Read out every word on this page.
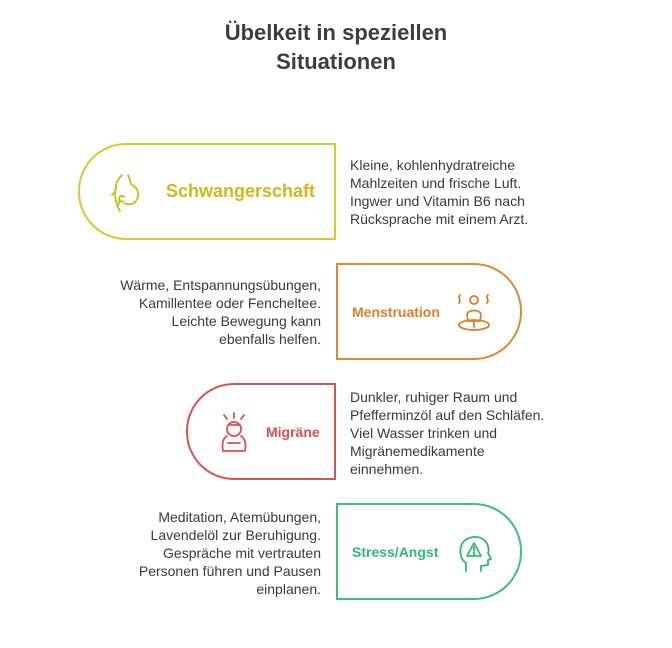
Übelkeit in speziellen
Situationen
Schwangerschaft
Kleine, kohlenhydratreiche
Mahlzeiten und frische Luft.
Ingwer und Vitamin B6 nach
Rücksprache mit einem Arzt.
Menstruation
Wärme, Entspannungsübungen,
Kamillentee oder Fencheltee.
Leichte Bewegung kann
ebenfalls helfen.
Migräne
Dunkler, ruhiger Raum und
Pfefferminzöl auf den Schläfen.
Viel Wasser trinken und
Migränemedikamente
einnehmen.
Stress/Angst
Meditation, Atemübungen,
Lavendelöl zur Beruhigung.
Gespräche mit vertrauten
Personen führen und Pausen
einplanen.
